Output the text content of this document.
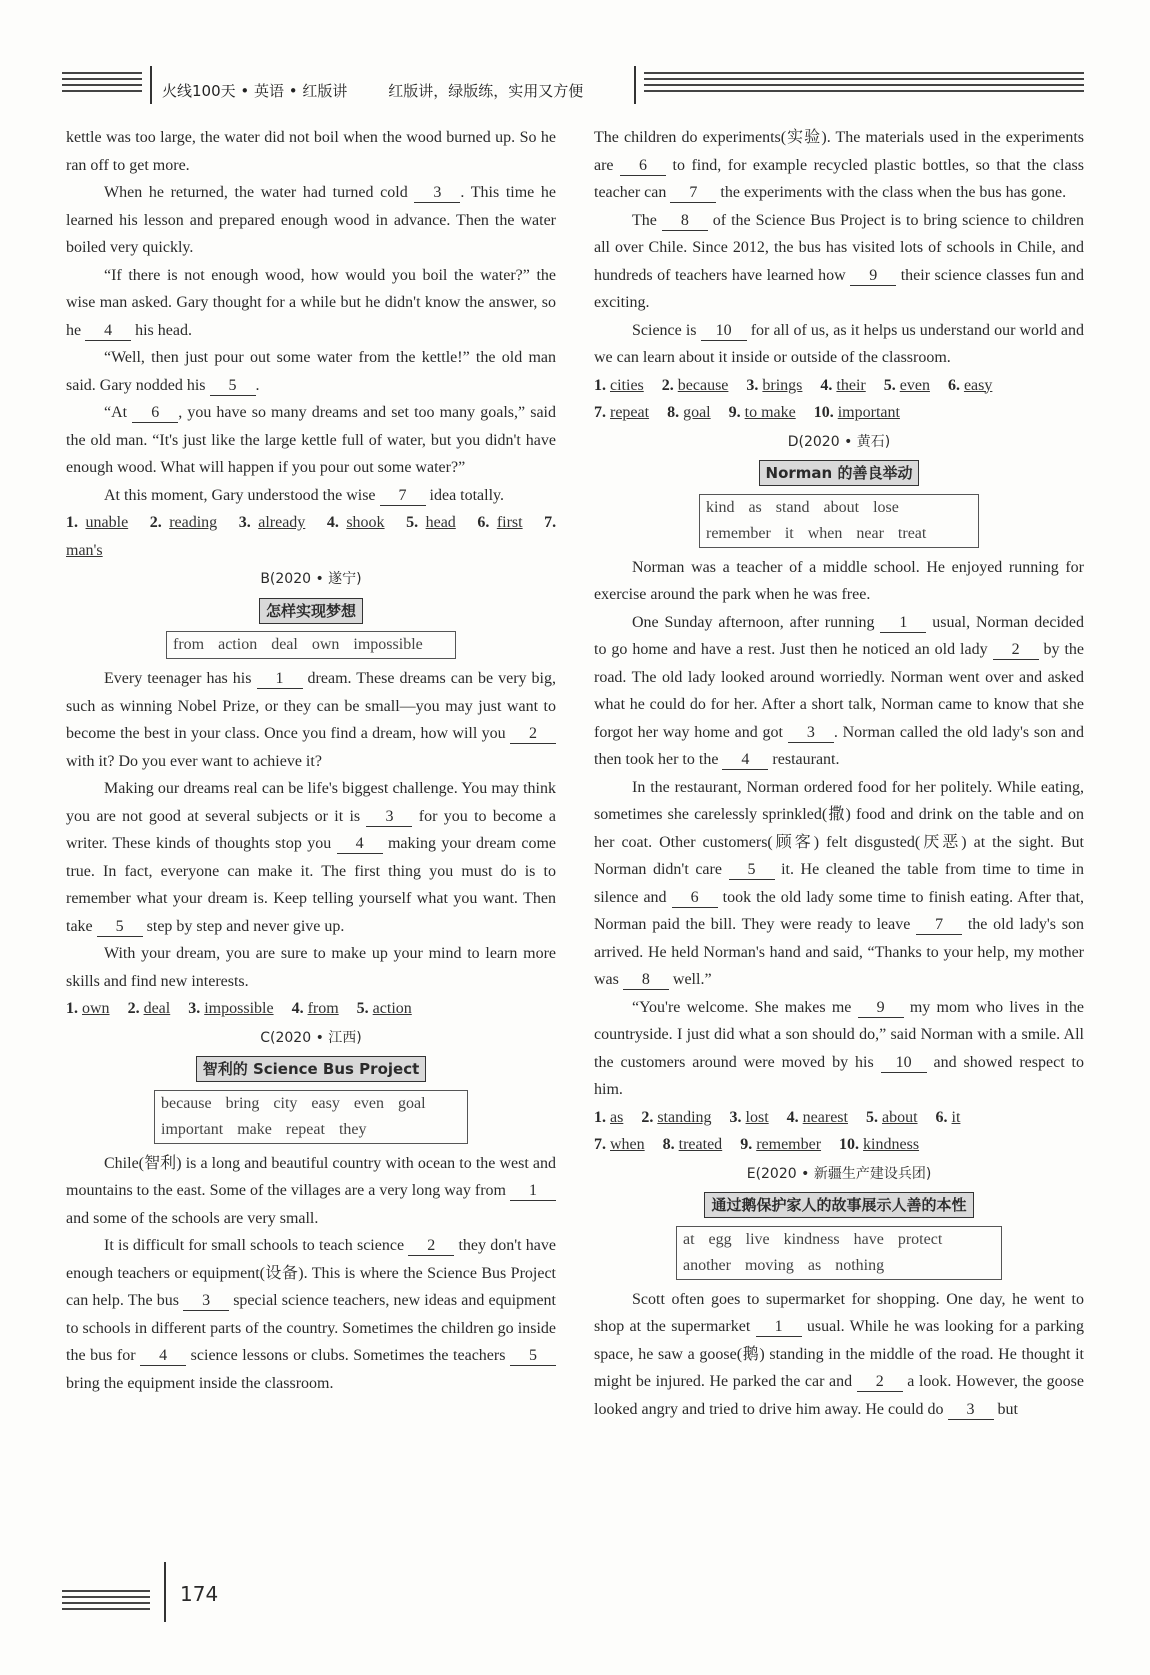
火线100天 • 英语 • 红版讲	红版讲，绿版练，实用又方便

kettle was too large, the water did not boil when the wood burned up. So he ran off to get more.

When he returned, the water had turned cold 3 . This time he learned his lesson and prepared enough wood in advance. Then the water boiled very quickly.

“If there is not enough wood, how would you boil the water?” the wise man asked. Gary thought for a while but he didn't know the answer, so he 4 his head.

“Well, then just pour out some water from the kettle!” the old man said. Gary nodded his 5 .

“At 6 , you have so many dreams and set too many goals,” said the old man. “It's just like the large kettle full of water, but you didn't have enough wood. What will happen if you pour out some water?”

At this moment, Gary understood the wise 7 idea totally.

1. unable 2. reading 3. already 4. shook 5. head 6. first 7. man's

B(2020 • 遂宁)
怎样实现梦想
from action deal own impossible

Every teenager has his 1 dream. These dreams can be very big, such as winning Nobel Prize, or they can be small—you may just want to become the best in your class. Once you find a dream, how will you 2 with it? Do you ever want to achieve it?

Making our dreams real can be life's biggest challenge. You may think you are not good at several subjects or it is 3 for you to become a writer. These kinds of thoughts stop you 4 making your dream come true. In fact, everyone can make it. The first thing you must do is to remember what your dream is. Keep telling yourself what you want. Then take 5 step by step and never give up.

With your dream, you are sure to make up your mind to learn more skills and find new interests.

1. own 2. deal 3. impossible 4. from 5. action

C(2020 • 江西)
智利的 Science Bus Project
because bring city easy even goal
important make repeat they

Chile(智利) is a long and beautiful country with ocean to the west and mountains to the east. Some of the villages are a very long way from 1 and some of the schools are very small.

It is difficult for small schools to teach science 2 they don't have enough teachers or equipment(设备). This is where the Science Bus Project can help. The bus 3 special science teachers, new ideas and equipment to schools in different parts of the country. Sometimes the children go inside the bus for 4 science lessons or clubs. Sometimes the teachers 5 bring the equipment inside the classroom.

The children do experiments(实验). The materials used in the experiments are 6 to find, for example recycled plastic bottles, so that the class teacher can 7 the experiments with the class when the bus has gone.

The 8 of the Science Bus Project is to bring science to children all over Chile. Since 2012, the bus has visited lots of schools in Chile, and hundreds of teachers have learned how 9 their science classes fun and exciting.

Science is 10 for all of us, as it helps us understand our world and we can learn about it inside or outside of the classroom.

1. cities 2. because 3. brings 4. their 5. even 6. easy
7. repeat 8. goal 9. to make 10. important

D(2020 • 黄石)
Norman 的善良举动
kind as stand about lose
remember it when near treat

Norman was a teacher of a middle school. He enjoyed running for exercise around the park when he was free.

One Sunday afternoon, after running 1 usual, Norman decided to go home and have a rest. Just then he noticed an old lady 2 by the road. The old lady looked around worriedly. Norman went over and asked what he could do for her. After a short talk, Norman came to know that she forgot her way home and got 3 . Norman called the old lady's son and then took her to the 4 restaurant.

In the restaurant, Norman ordered food for her politely. While eating, sometimes she carelessly sprinkled(撒) food and drink on the table and on her coat. Other customers(顾客) felt disgusted(厌恶) at the sight. But Norman didn't care 5 it. He cleaned the table from time to time in silence and 6 took the old lady some time to finish eating. After that, Norman paid the bill. They were ready to leave 7 the old lady's son arrived. He held Norman's hand and said, “Thanks to your help, my mother was 8 well.”

“You're welcome. She makes me 9 my mom who lives in the countryside. I just did what a son should do,” said Norman with a smile. All the customers around were moved by his 10 and showed respect to him.

1. as 2. standing 3. lost 4. nearest 5. about 6. it
7. when 8. treated 9. remember 10. kindness

E(2020 • 新疆生产建设兵团)
通过鹅保护家人的故事展示人善的本性
at egg live kindness have protect
another moving as nothing

Scott often goes to supermarket for shopping. One day, he went to shop at the supermarket 1 usual. While he was looking for a parking space, he saw a goose(鹅) standing in the middle of the road. He thought it might be injured. He parked the car and 2 a look. However, the goose looked angry and tried to drive him away. He could do 3 but

174
